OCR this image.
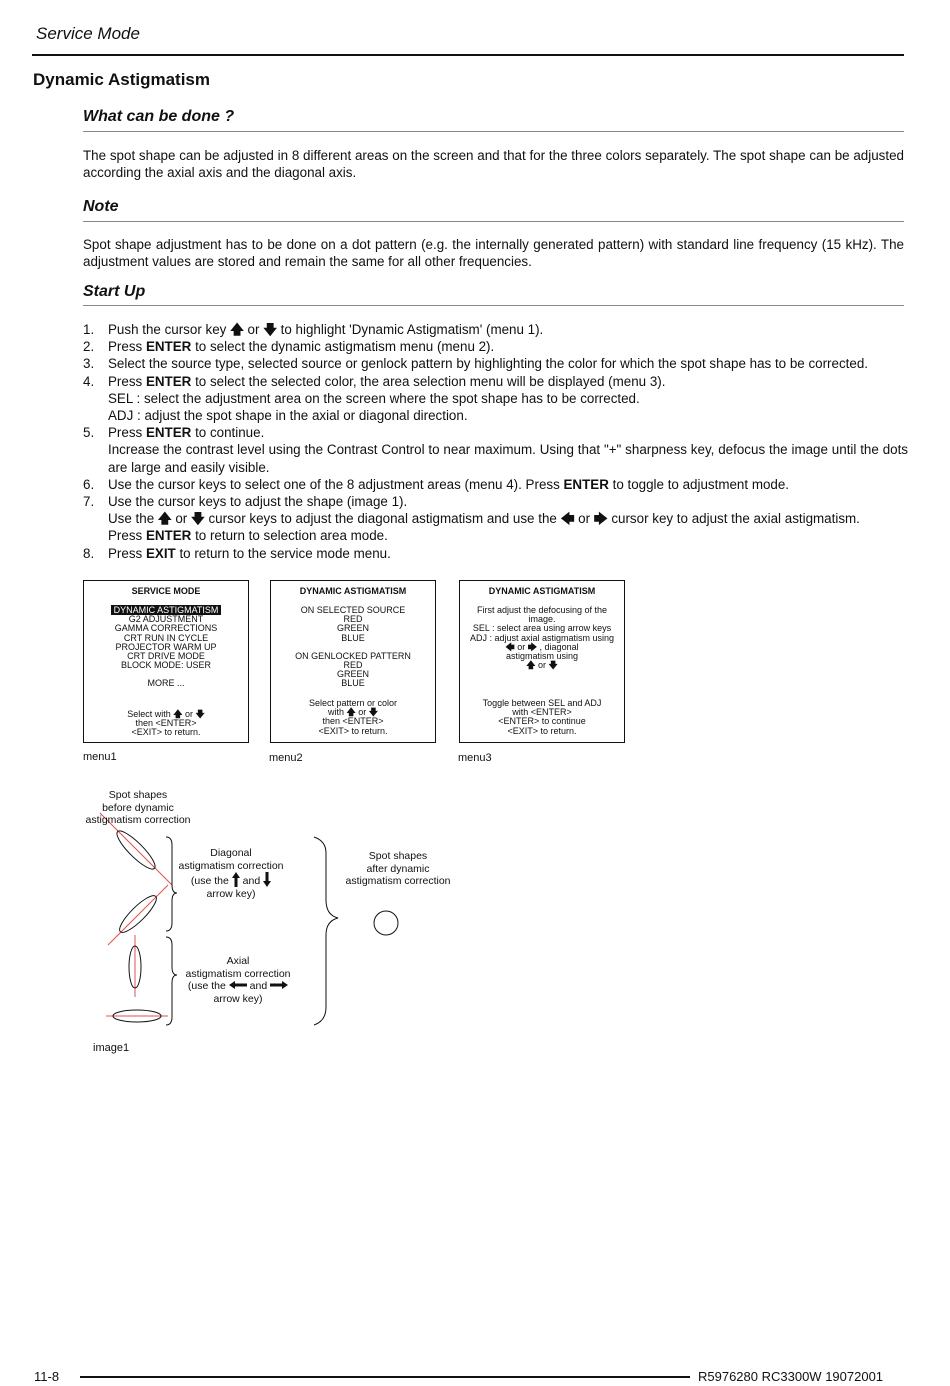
Service Mode
Dynamic Astigmatism
What can be done ?
The spot shape can be adjusted in 8 different areas on the screen and that for the three colors separately. The spot shape can be adjusted according the axial axis and the diagonal axis.
Note
Spot shape adjustment has to be done on a dot pattern (e.g. the internally generated pattern) with standard line frequency (15 kHz). The adjustment values are stored and remain the same for all other frequencies.
Start Up
1.	Push the cursor key 🡅 or 🡇 to highlight 'Dynamic Astigmatism' (menu 1).
2.	Press ENTER to select the dynamic astigmatism menu (menu 2).
3.	Select the source type, selected source or genlock pattern by highlighting the color for which the spot shape has to be corrected.
4.	Press ENTER to select the selected color, the area selection menu will be displayed (menu 3).
SEL : select the adjustment area on the screen where the spot shape has to be corrected.
ADJ : adjust the spot shape in the axial or diagonal direction.
5.	Press ENTER to continue.
Increase the contrast level using the Contrast Control to near maximum. Using that "+" sharpness key, defocus the image until the dots are large and easily visible.
6.	Use the cursor keys to select one of the 8 adjustment areas (menu 4). Press ENTER to toggle to adjustment mode.
7.	Use the cursor keys to adjust the shape (image 1).
Use the 🡅 or 🡇 cursor keys to adjust the diagonal astigmatism and use the 🡄 or 🡆 cursor key to adjust the axial astigmatism.
Press ENTER to return to selection area mode.
8.	Press EXIT to return to the service mode menu.
SERVICE MODE
DYNAMIC ASTIGMATISM
G2 ADJUSTMENT
GAMMA CORRECTIONS
CRT RUN IN CYCLE
PROJECTOR WARM UP
CRT DRIVE MODE
BLOCK MODE: USER
MORE ...
Select with 🡅 or 🡇
then <ENTER>
<EXIT> to return.
menu1
DYNAMIC ASTIGMATISM
ON SELECTED SOURCE
RED
GREEN
BLUE
ON GENLOCKED PATTERN
RED
GREEN
BLUE
Select pattern or color
with 🡅 or 🡇
then <ENTER>
<EXIT> to return.
menu2
DYNAMIC ASTIGMATISM
First adjust the defocusing of the
image.
SEL : select area using arrow keys
ADJ : adjust axial astigmatism using
🡄 or 🡆 , diagonal
astigmatism using
🡅 or 🡇
Toggle between SEL and ADJ
with <ENTER>
<ENTER> to continue
<EXIT> to return.
menu3
Spot shapes
before dynamic
astigmatism correction
Diagonal
astigmatism correction
(use the  and
arrow key)
Axial
astigmatism correction
(use the  and
arrow key)
Spot shapes
after dynamic
astigmatism correction
image1
11-8	R5976280 RC3300W 19072001
